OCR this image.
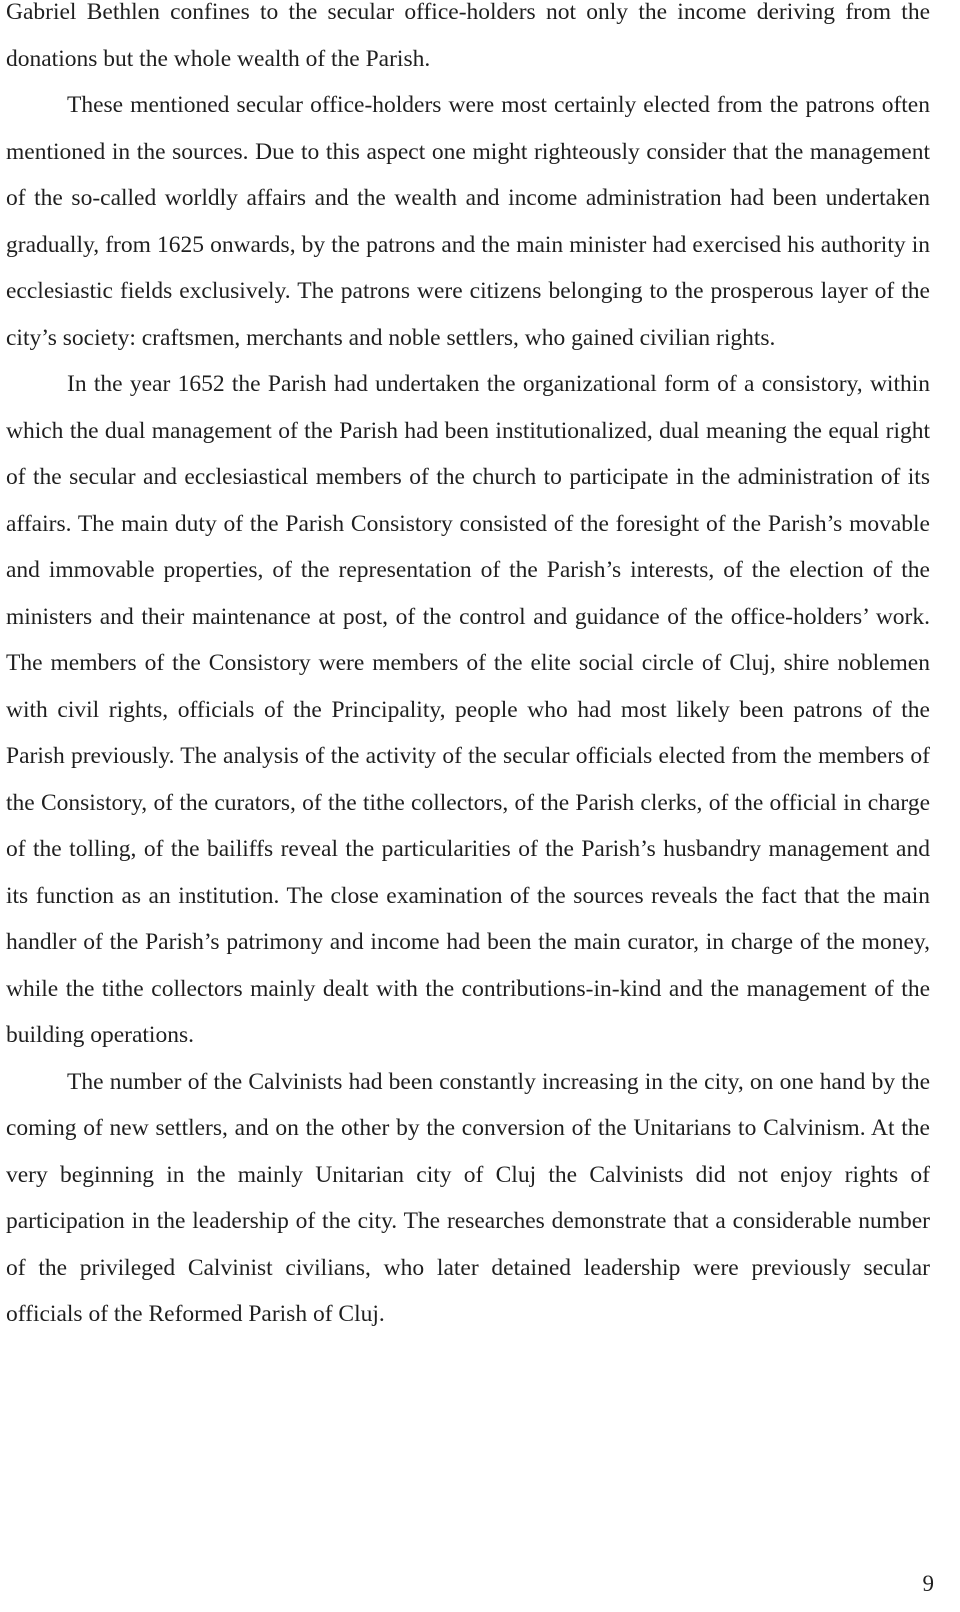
Gabriel Bethlen confines to the secular office-holders not only the income deriving from the donations but the whole wealth of the Parish.

These mentioned secular office-holders were most certainly elected from the patrons often mentioned in the sources. Due to this aspect one might righteously consider that the management of the so-called worldly affairs and the wealth and income administration had been undertaken gradually, from 1625 onwards, by the patrons and the main minister had exercised his authority in ecclesiastic fields exclusively. The patrons were citizens belonging to the prosperous layer of the city’s society: craftsmen, merchants and noble settlers, who gained civilian rights.

In the year 1652 the Parish had undertaken the organizational form of a consistory, within which the dual management of the Parish had been institutionalized, dual meaning the equal right of the secular and ecclesiastical members of the church to participate in the administration of its affairs. The main duty of the Parish Consistory consisted of the foresight of the Parish’s movable and immovable properties, of the representation of the Parish’s interests, of the election of the ministers and their maintenance at post, of the control and guidance of the office-holders’ work. The members of the Consistory were members of the elite social circle of Cluj, shire noblemen with civil rights, officials of the Principality, people who had most likely been patrons of the Parish previously. The analysis of the activity of the secular officials elected from the members of the Consistory, of the curators, of the tithe collectors, of the Parish clerks, of the official in charge of the tolling, of the bailiffs reveal the particularities of the Parish’s husbandry management and its function as an institution. The close examination of the sources reveals the fact that the main handler of the Parish’s patrimony and income had been the main curator, in charge of the money, while the tithe collectors mainly dealt with the contributions-in-kind and the management of the building operations.

The number of the Calvinists had been constantly increasing in the city, on one hand by the coming of new settlers, and on the other by the conversion of the Unitarians to Calvinism. At the very beginning in the mainly Unitarian city of Cluj the Calvinists did not enjoy rights of participation in the leadership of the city. The researches demonstrate that a considerable number of the privileged Calvinist civilians, who later detained leadership were previously secular officials of the Reformed Parish of Cluj.

9
